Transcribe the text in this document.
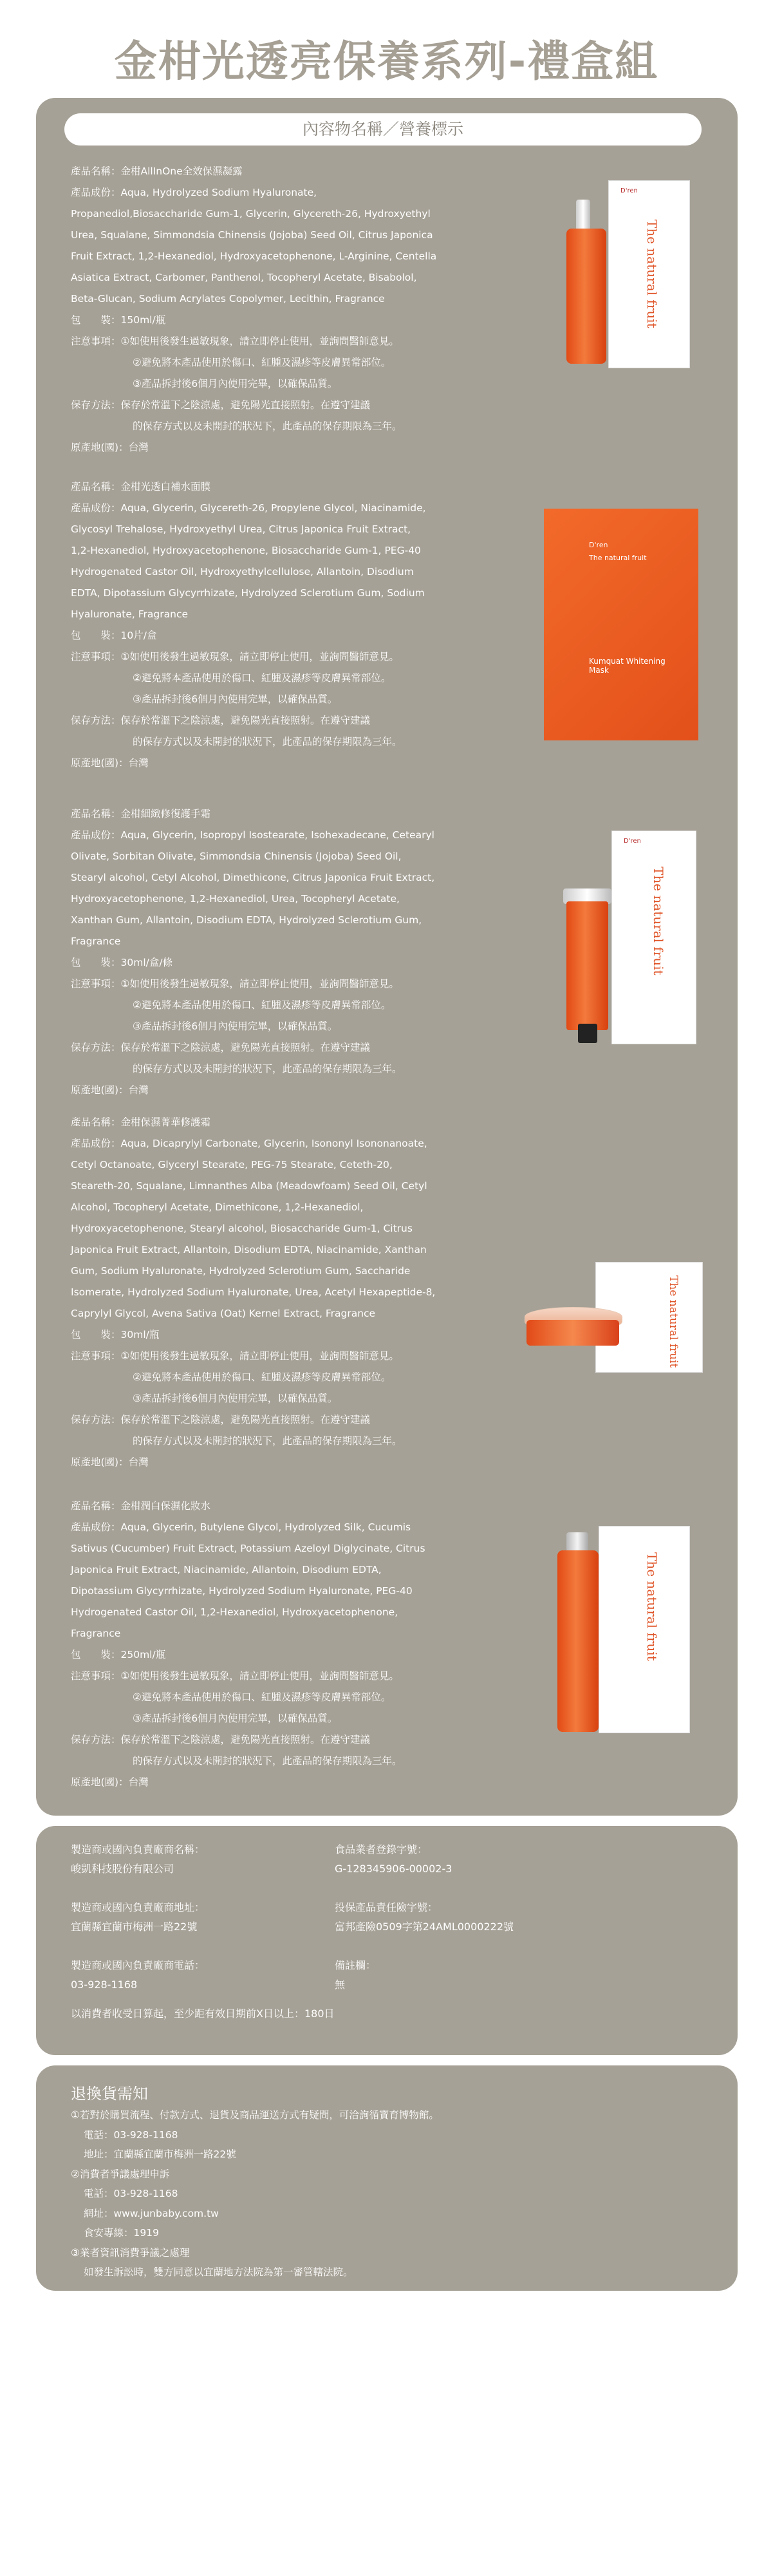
金柑光透亮保養系列-禮盒組
內容物名稱／營養標示
產品名稱：金柑AllInOne全效保濕凝露
產品成份：Aqua, Hydrolyzed Sodium Hyaluronate,
Propanediol,Biosaccharide Gum-1, Glycerin, Glycereth-26, Hydroxyethyl
Urea, Squalane, Simmondsia Chinensis (Jojoba) Seed Oil, Citrus Japonica
Fruit Extract, 1,2-Hexanediol, Hydroxyacetophenone, L-Arginine, Centella
Asiatica Extract, Carbomer, Panthenol, Tocopheryl Acetate, Bisabolol,
Beta-Glucan, Sodium Acrylates Copolymer, Lecithin, Fragrance
包　　裝：150ml/瓶
注意事項：①如使用後發生過敏現象，請立即停止使用，並詢問醫師意見。
②避免將本產品使用於傷口、紅腫及濕疹等皮膚異常部位。
③產品拆封後6個月內使用完畢，以確保品質。
保存方法：保存於常溫下之陰涼處，避免陽光直接照射。在遵守建議
的保存方式以及未開封的狀況下，此產品的保存期限為三年。
原產地(國)：台灣
D'ren
The natural fruit
產品名稱：金柑光透白補水面膜
產品成份：Aqua, Glycerin, Glycereth-26, Propylene Glycol, Niacinamide,
Glycosyl Trehalose, Hydroxyethyl Urea, Citrus Japonica Fruit Extract,
1,2-Hexanediol, Hydroxyacetophenone, Biosaccharide Gum-1, PEG-40
Hydrogenated Castor Oil, Hydroxyethylcellulose, Allantoin, Disodium
EDTA, Dipotassium Glycyrrhizate, Hydrolyzed Sclerotium Gum, Sodium
Hyaluronate, Fragrance
包　　裝：10片/盒
注意事項：①如使用後發生過敏現象，請立即停止使用，並詢問醫師意見。
②避免將本產品使用於傷口、紅腫及濕疹等皮膚異常部位。
③產品拆封後6個月內使用完畢，以確保品質。
保存方法：保存於常溫下之陰涼處，避免陽光直接照射。在遵守建議
的保存方式以及未開封的狀況下，此產品的保存期限為三年。
原產地(國)：台灣
D'ren
The natural fruit
Kumquat Whitening Mask
產品名稱：金柑細緻修復護手霜
產品成份：Aqua, Glycerin, Isopropyl Isostearate, Isohexadecane, Cetearyl
Olivate, Sorbitan Olivate, Simmondsia Chinensis (Jojoba) Seed Oil,
Stearyl alcohol, Cetyl Alcohol, Dimethicone, Citrus Japonica Fruit Extract,
Hydroxyacetophenone, 1,2-Hexanediol, Urea, Tocopheryl Acetate,
Xanthan Gum, Allantoin, Disodium EDTA, Hydrolyzed Sclerotium Gum,
Fragrance
包　　裝：30ml/盒/條
注意事項：①如使用後發生過敏現象，請立即停止使用，並詢問醫師意見。
②避免將本產品使用於傷口、紅腫及濕疹等皮膚異常部位。
③產品拆封後6個月內使用完畢，以確保品質。
保存方法：保存於常溫下之陰涼處，避免陽光直接照射。在遵守建議
的保存方式以及未開封的狀況下，此產品的保存期限為三年。
原產地(國)：台灣
D'ren
The natural fruit
產品名稱：金柑保濕菁華修護霜
產品成份：Aqua, Dicaprylyl Carbonate, Glycerin, Isononyl Isononanoate,
Cetyl Octanoate, Glyceryl Stearate, PEG-75 Stearate, Ceteth-20,
Steareth-20, Squalane, Limnanthes Alba (Meadowfoam) Seed Oil, Cetyl
Alcohol, Tocopheryl Acetate, Dimethicone, 1,2-Hexanediol,
Hydroxyacetophenone, Stearyl alcohol, Biosaccharide Gum-1, Citrus
Japonica Fruit Extract, Allantoin, Disodium EDTA, Niacinamide, Xanthan
Gum, Sodium Hyaluronate, Hydrolyzed Sclerotium Gum, Saccharide
Isomerate, Hydrolyzed Sodium Hyaluronate, Urea, Acetyl Hexapeptide-8,
Caprylyl Glycol, Avena Sativa (Oat) Kernel Extract, Fragrance
包　　裝：30ml/瓶
注意事項：①如使用後發生過敏現象，請立即停止使用，並詢問醫師意見。
②避免將本產品使用於傷口、紅腫及濕疹等皮膚異常部位。
③產品拆封後6個月內使用完畢，以確保品質。
保存方法：保存於常溫下之陰涼處，避免陽光直接照射。在遵守建議
的保存方式以及未開封的狀況下，此產品的保存期限為三年。
原產地(國)：台灣
The natural fruit
產品名稱：金柑潤白保濕化妝水
產品成份：Aqua, Glycerin, Butylene Glycol, Hydrolyzed Silk, Cucumis
Sativus (Cucumber) Fruit Extract, Potassium Azeloyl Diglycinate, Citrus
Japonica Fruit Extract, Niacinamide, Allantoin, Disodium EDTA,
Dipotassium Glycyrrhizate, Hydrolyzed Sodium Hyaluronate, PEG-40
Hydrogenated Castor Oil, 1,2-Hexanediol, Hydroxyacetophenone,
Fragrance
包　　裝：250ml/瓶
注意事項：①如使用後發生過敏現象，請立即停止使用，並詢問醫師意見。
②避免將本產品使用於傷口、紅腫及濕疹等皮膚異常部位。
③產品拆封後6個月內使用完畢，以確保品質。
保存方法：保存於常溫下之陰涼處，避免陽光直接照射。在遵守建議
的保存方式以及未開封的狀況下，此產品的保存期限為三年。
原產地(國)：台灣
The natural fruit
製造商或國內負責廠商名稱：
峻凱科技股份有限公司
製造商或國內負責廠商地址：
宜蘭縣宜蘭市梅洲一路22號
製造商或國內負責廠商電話：
03-928-1168
食品業者登錄字號：
G-128345906-00002-3
投保產品責任險字號：
富邦產險0509字第24AML0000222號
備註欄：
無
以消費者收受日算起，至少距有效日期前X日以上：180日
退換貨需知
①若對於購買流程、付款方式、退貨及商品運送方式有疑問，可洽詢循寶育博物館。
電話：03-928-1168
地址：宜蘭縣宜蘭市梅洲一路22號
②消費者爭議處理申訴
電話：03-928-1168
網址：www.junbaby.com.tw
食安專線：1919
③業者資訊消費爭議之處理
如發生訴訟時，雙方同意以宜蘭地方法院為第一審管轄法院。
